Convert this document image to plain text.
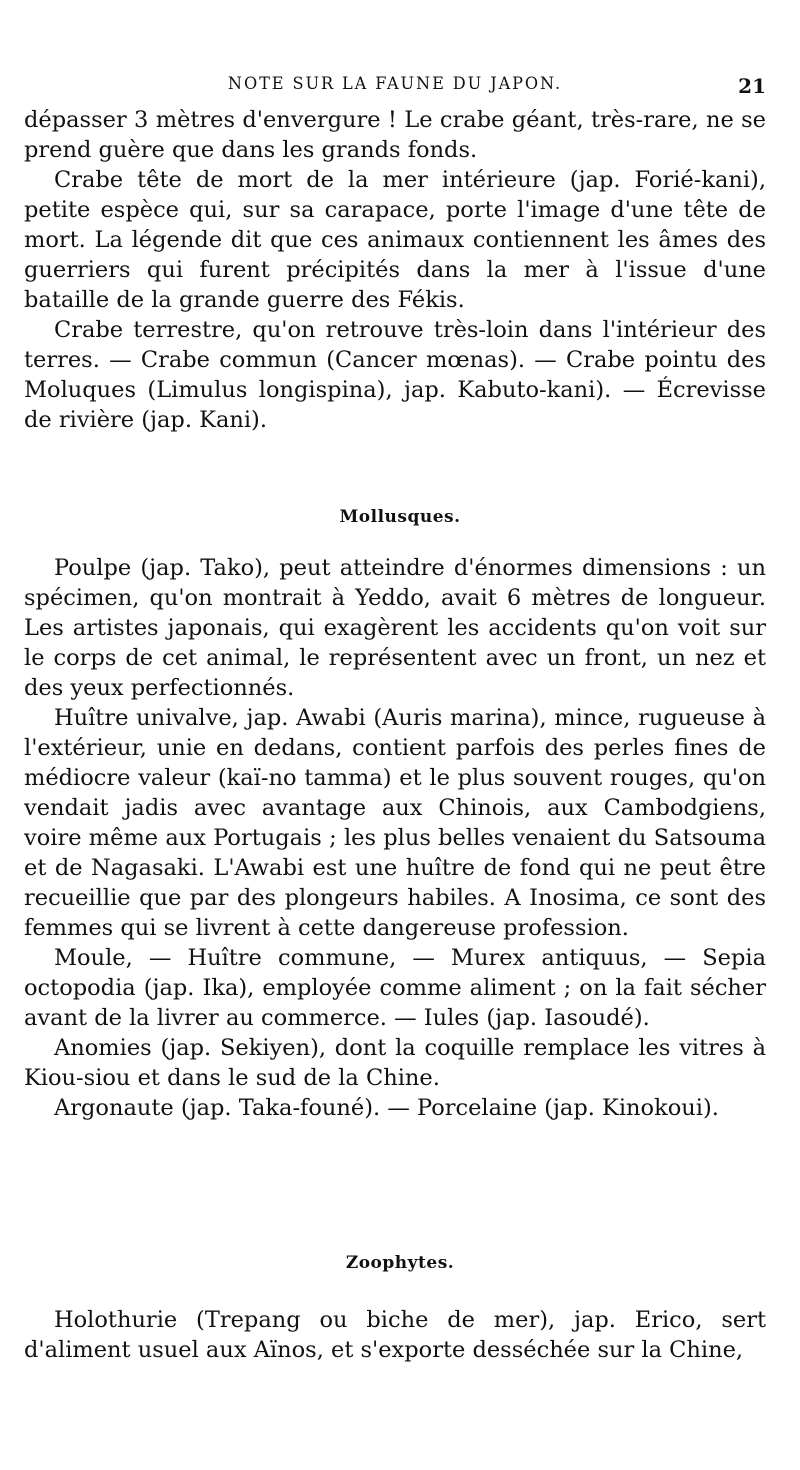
NOTE SUR LA FAUNE DU JAPON.	21

dépasser 3 mètres d'envergure ! Le crabe géant, très-rare, ne se prend guère que dans les grands fonds.

Crabe tête de mort de la mer intérieure (jap. Forié-kani), petite espèce qui, sur sa carapace, porte l'image d'une tête de mort. La légende dit que ces animaux contiennent les âmes des guerriers qui furent précipités dans la mer à l'issue d'une bataille de la grande guerre des Fékis.

Crabe terrestre, qu'on retrouve très-loin dans l'intérieur des terres. — Crabe commun (Cancer mœnas). — Crabe pointu des Moluques (Limulus longispina), jap. Kabuto-kani). — Écrevisse de rivière (jap. Kani).

Mollusques.

Poulpe (jap. Tako), peut atteindre d'énormes dimensions : un spécimen, qu'on montrait à Yeddo, avait 6 mètres de longueur. Les artistes japonais, qui exagèrent les accidents qu'on voit sur le corps de cet animal, le représentent avec un front, un nez et des yeux perfectionnés.

Huître univalve, jap. Awabi (Auris marina), mince, rugueuse à l'extérieur, unie en dedans, contient parfois des perles fines de médiocre valeur (kaï-no tamma) et le plus souvent rouges, qu'on vendait jadis avec avantage aux Chinois, aux Cambodgiens, voire même aux Portugais ; les plus belles venaient du Satsouma et de Nagasaki. L'Awabi est une huître de fond qui ne peut être recueillie que par des plongeurs habiles. A Inosima, ce sont des femmes qui se livrent à cette dangereuse profession.

Moule, — Huître commune, — Murex antiquus, — Sepia octopodia (jap. Ika), employée comme aliment ; on la fait sécher avant de la livrer au commerce. — Iules (jap. Iasoudé).

Anomies (jap. Sekiyen), dont la coquille remplace les vitres à Kiou-siou et dans le sud de la Chine.

Argonaute (jap. Taka-founé). — Porcelaine (jap. Kinokoui).

Zoophytes.

Holothurie (Trepang ou biche de mer), jap. Erico, sert d'aliment usuel aux Aïnos, et s'exporte desséchée sur la Chine,
